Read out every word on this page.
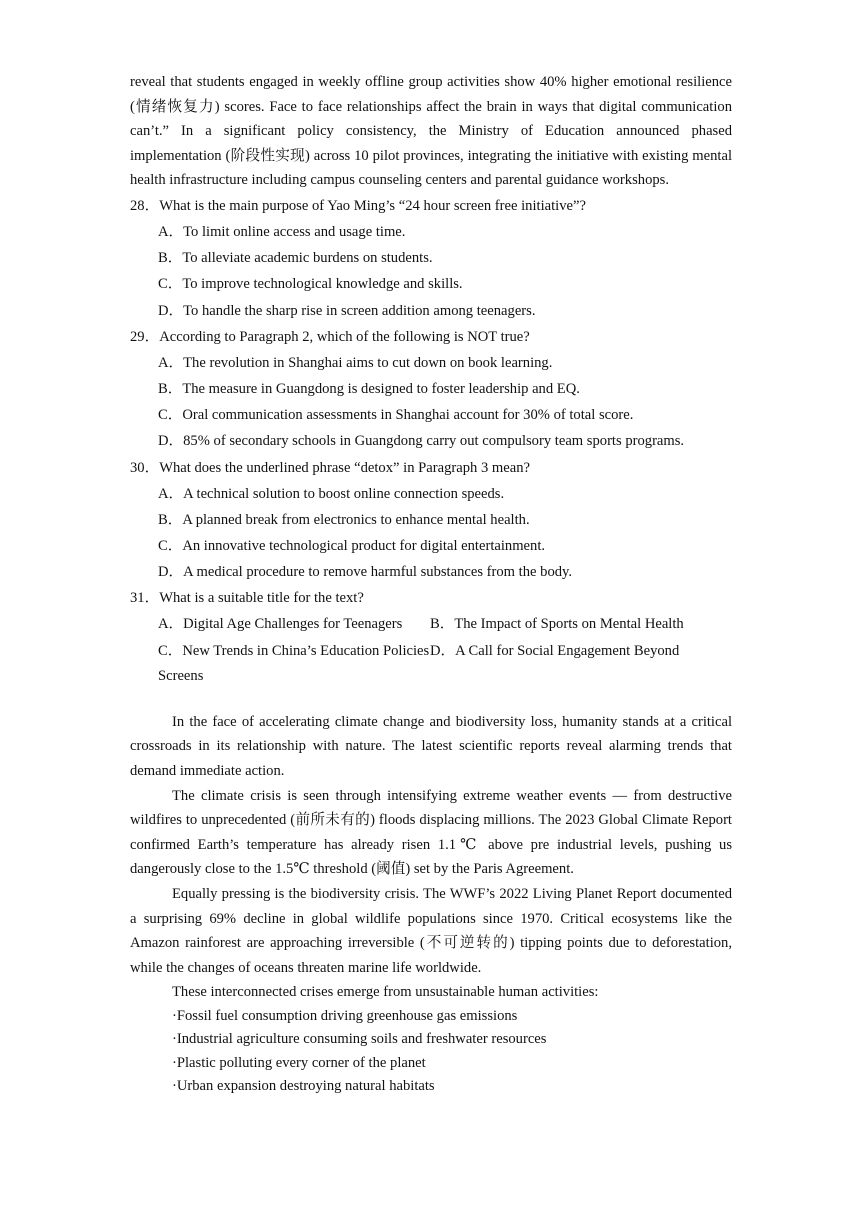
reveal that students engaged in weekly offline group activities show 40% higher emotional resilience (情绪恢复力) scores. Face to face relationships affect the brain in ways that digital communication can’t.” In a significant policy consistency, the Ministry of Education announced phased implementation (阶段性实现) across 10 pilot provinces, integrating the initiative with existing mental health infrastructure including campus counseling centers and parental guidance workshops.

28．What is the main purpose of Yao Ming’s “24 hour screen free initiative”?

A．To limit online access and usage time.

B．To alleviate academic burdens on students.

C．To improve technological knowledge and skills.

D．To handle the sharp rise in screen addition among teenagers.

29．According to Paragraph 2, which of the following is NOT true?

A．The revolution in Shanghai aims to cut down on book learning.

B．The measure in Guangdong is designed to foster leadership and EQ.

C．Oral communication assessments in Shanghai account for 30% of total score.

D．85% of secondary schools in Guangdong carry out compulsory team sports programs.

30．What does the underlined phrase “detox” in Paragraph 3 mean?

A．A technical solution to boost online connection speeds.

B．A planned break from electronics to enhance mental health.

C．An innovative technological product for digital entertainment.

D．A medical procedure to remove harmful substances from the body.

31．What is a suitable title for the text?

A．Digital Age Challenges for Teenagers	B．The Impact of Sports on Mental Health
C．New Trends in China’s Education Policies D．A Call for Social Engagement Beyond

Screens

In the face of accelerating climate change and biodiversity loss, humanity stands at a critical crossroads in its relationship with nature. The latest scientific reports reveal alarming trends that demand immediate action.

The climate crisis is seen through intensifying extreme weather events — from destructive wildfires to unprecedented (前所未有的) floods displacing millions. The 2023 Global Climate Report confirmed Earth’s temperature has already risen 1.1℃ above pre industrial levels, pushing us dangerously close to the 1.5℃ threshold (阈值) set by the Paris Agreement.

Equally pressing is the biodiversity crisis. The WWF’s 2022 Living Planet Report documented a surprising 69% decline in global wildlife populations since 1970. Critical ecosystems like the Amazon rainforest are approaching irreversible (不可逆转的) tipping points due to deforestation, while the changes of oceans threaten marine life worldwide.

These interconnected crises emerge from unsustainable human activities:

·Fossil fuel consumption driving greenhouse gas emissions

·Industrial agriculture consuming soils and freshwater resources

·Plastic polluting every corner of the planet

·Urban expansion destroying natural habitats
